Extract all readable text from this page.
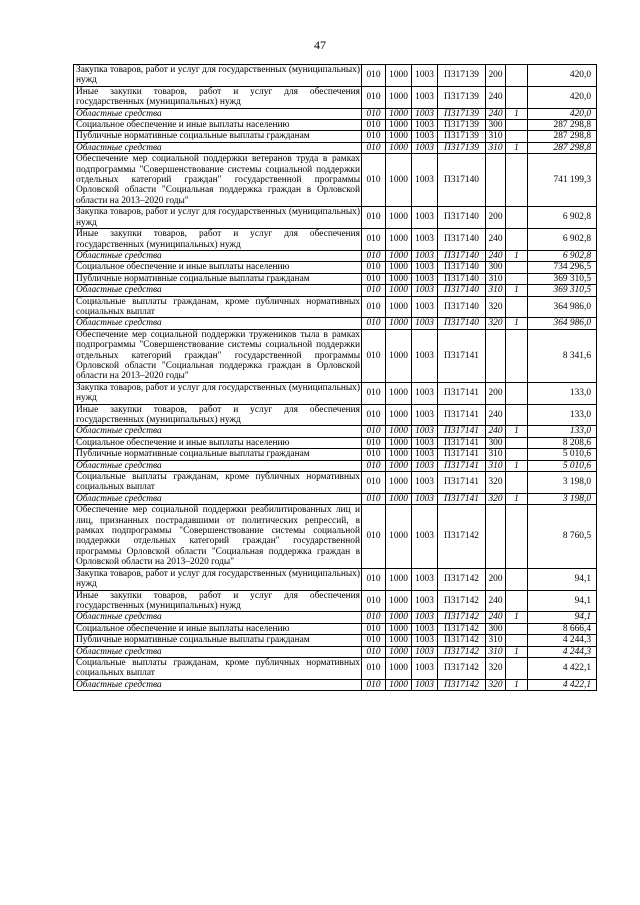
47
Закупка товаров, работ и услуг для государственных (муниципальных) нужд	010	1000	1003	П317139	200		420,0
Иные закупки товаров, работ и услуг для обеспечения государственных (муниципальных) нужд	010	1000	1003	П317139	240		420,0
Областные средства	010	1000	1003	П317139	240	1	420,0
Социальное обеспечение и иные выплаты населению	010	1000	1003	П317139	300		287 298,8
Публичные нормативные социальные выплаты гражданам	010	1000	1003	П317139	310		287 298,8
Областные средства	010	1000	1003	П317139	310	1	287 298,8
Обеспечение мер социальной поддержки ветеранов труда в рамках подпрограммы "Совершенствование системы социальной поддержки отдельных категорий граждан" государственной программы Орловской области "Социальная поддержка граждан в Орловской области на 2013–2020 годы"	010	1000	1003	П317140			741 199,3
Закупка товаров, работ и услуг для государственных (муниципальных) нужд	010	1000	1003	П317140	200		6 902,8
Иные закупки товаров, работ и услуг для обеспечения государственных (муниципальных) нужд	010	1000	1003	П317140	240		6 902,8
Областные средства	010	1000	1003	П317140	240	1	6 902,8
Социальное обеспечение и иные выплаты населению	010	1000	1003	П317140	300		734 296,5
Публичные нормативные социальные выплаты гражданам	010	1000	1003	П317140	310		369 310,5
Областные средства	010	1000	1003	П317140	310	1	369 310,5
Социальные выплаты гражданам, кроме публичных нормативных социальных выплат	010	1000	1003	П317140	320		364 986,0
Областные средства	010	1000	1003	П317140	320	1	364 986,0
Обеспечение мер социальной поддержки тружеников тыла в рамках подпрограммы "Совершенствование системы социальной поддержки отдельных категорий граждан" государственной программы Орловской области "Социальная поддержка граждан в Орловской области на 2013–2020 годы"	010	1000	1003	П317141			8 341,6
Закупка товаров, работ и услуг для государственных (муниципальных) нужд	010	1000	1003	П317141	200		133,0
Иные закупки товаров, работ и услуг для обеспечения государственных (муниципальных) нужд	010	1000	1003	П317141	240		133,0
Областные средства	010	1000	1003	П317141	240	1	133,0
Социальное обеспечение и иные выплаты населению	010	1000	1003	П317141	300		8 208,6
Публичные нормативные социальные выплаты гражданам	010	1000	1003	П317141	310		5 010,6
Областные средства	010	1000	1003	П317141	310	1	5 010,6
Социальные выплаты гражданам, кроме публичных нормативных социальных выплат	010	1000	1003	П317141	320		3 198,0
Областные средства	010	1000	1003	П317141	320	1	3 198,0
Обеспечение мер социальной поддержки реабилитированных лиц и лиц, признанных пострадавшими от политических репрессий, в рамках подпрограммы "Совершенствование системы социальной поддержки отдельных категорий граждан" государственной программы Орловской области "Социальная поддержка граждан в Орловской области на 2013–2020 годы"	010	1000	1003	П317142			8 760,5
Закупка товаров, работ и услуг для государственных (муниципальных) нужд	010	1000	1003	П317142	200		94,1
Иные закупки товаров, работ и услуг для обеспечения государственных (муниципальных) нужд	010	1000	1003	П317142	240		94,1
Областные средства	010	1000	1003	П317142	240	1	94,1
Социальное обеспечение и иные выплаты населению	010	1000	1003	П317142	300		8 666,4
Публичные нормативные социальные выплаты гражданам	010	1000	1003	П317142	310		4 244,3
Областные средства	010	1000	1003	П317142	310	1	4 244,3
Социальные выплаты гражданам, кроме публичных нормативных социальных выплат	010	1000	1003	П317142	320		4 422,1
Областные средства	010	1000	1003	П317142	320	1	4 422,1
